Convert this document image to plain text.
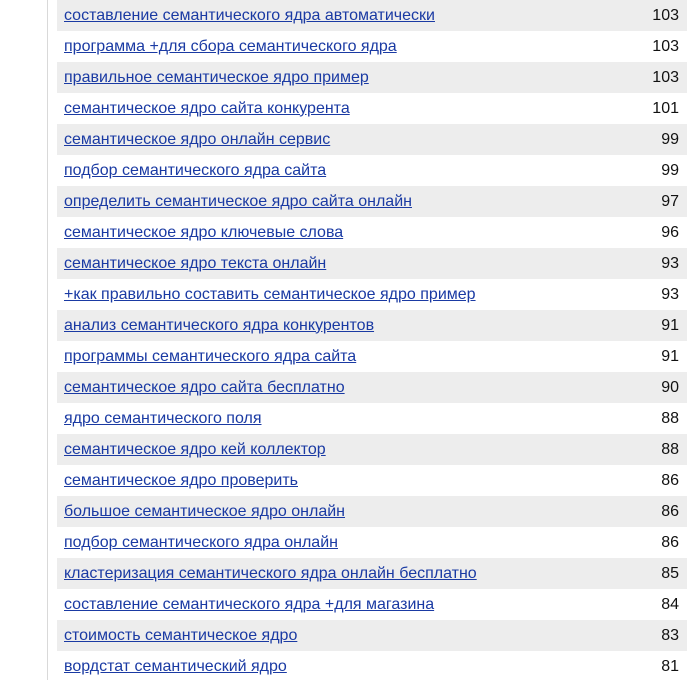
составление семантического ядра автоматически	103
программа +для сбора семантического ядра	103
правильное семантическое ядро пример	103
семантическое ядро сайта конкурента	101
семантическое ядро онлайн сервис	99
подбор семантического ядра сайта	99
определить семантическое ядро сайта онлайн	97
семантическое ядро ключевые слова	96
семантическое ядро текста онлайн	93
+как правильно составить семантическое ядро пример	93
анализ семантического ядра конкурентов	91
программы семантического ядра сайта	91
семантическое ядро сайта бесплатно	90
ядро семантического поля	88
семантическое ядро кей коллектор	88
семантическое ядро проверить	86
большое семантическое ядро онлайн	86
подбор семантического ядра онлайн	86
кластеризация семантического ядра онлайн бесплатно	85
составление семантического ядра +для магазина	84
стоимость семантическое ядро	83
вордстат семантический ядро	81
